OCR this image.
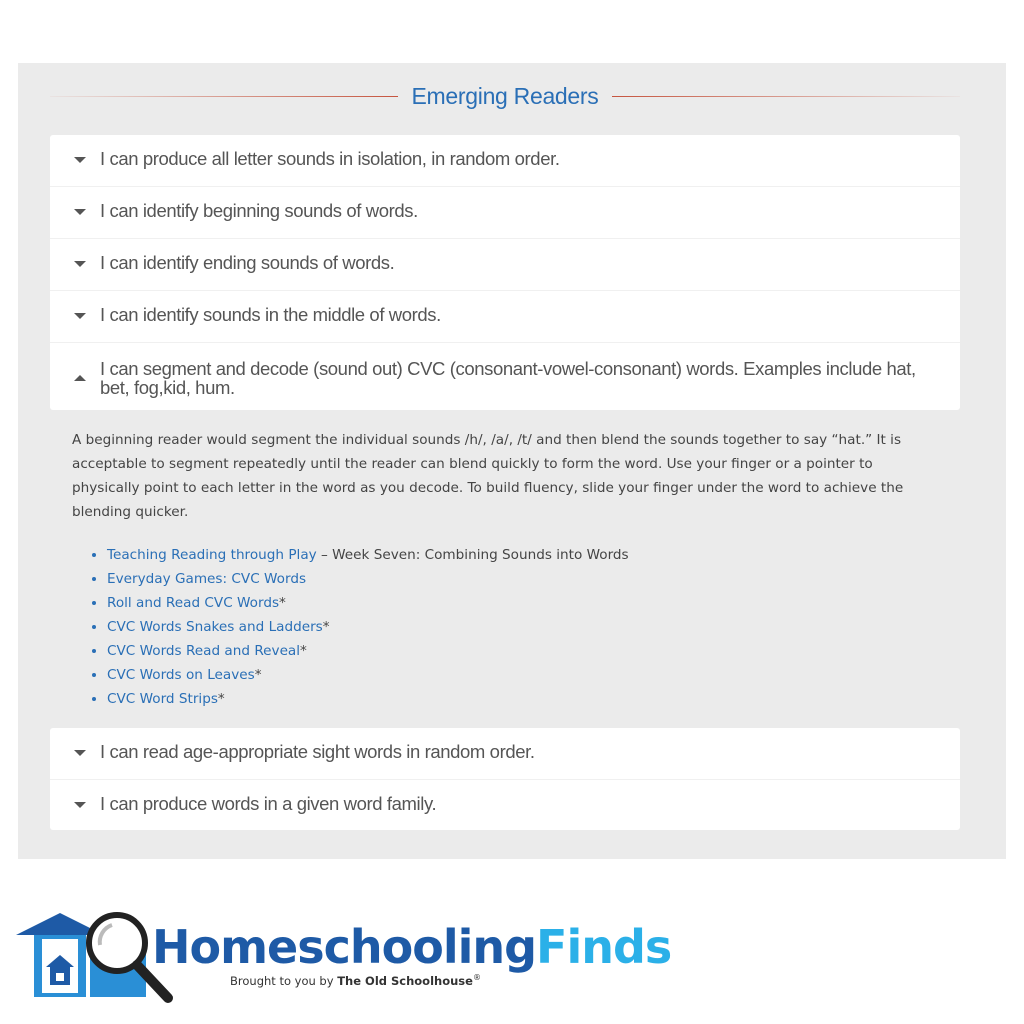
Emerging Readers
I can produce all letter sounds in isolation, in random order.
I can identify beginning sounds of words.
I can identify ending sounds of words.
I can identify sounds in the middle of words.
I can segment and decode (sound out) CVC (consonant-vowel-consonant) words. Examples include hat, bet, fog,kid, hum.

A beginning reader would segment the individual sounds /h/, /a/, /t/ and then blend the sounds together to say “hat.” It is acceptable to segment repeatedly until the reader can blend quickly to form the word. Use your finger or a pointer to physically point to each letter in the word as you decode. To build fluency, slide your finger under the word to achieve the blending quicker.

• Teaching Reading through Play – Week Seven: Combining Sounds into Words
• Everyday Games: CVC Words
• Roll and Read CVC Words*
• CVC Words Snakes and Ladders*
• CVC Words Read and Reveal*
• CVC Words on Leaves*
• CVC Word Strips*
I can read age-appropriate sight words in random order.
I can produce words in a given word family.
HomeschoolingFinds
Brought to you by The Old Schoolhouse®
